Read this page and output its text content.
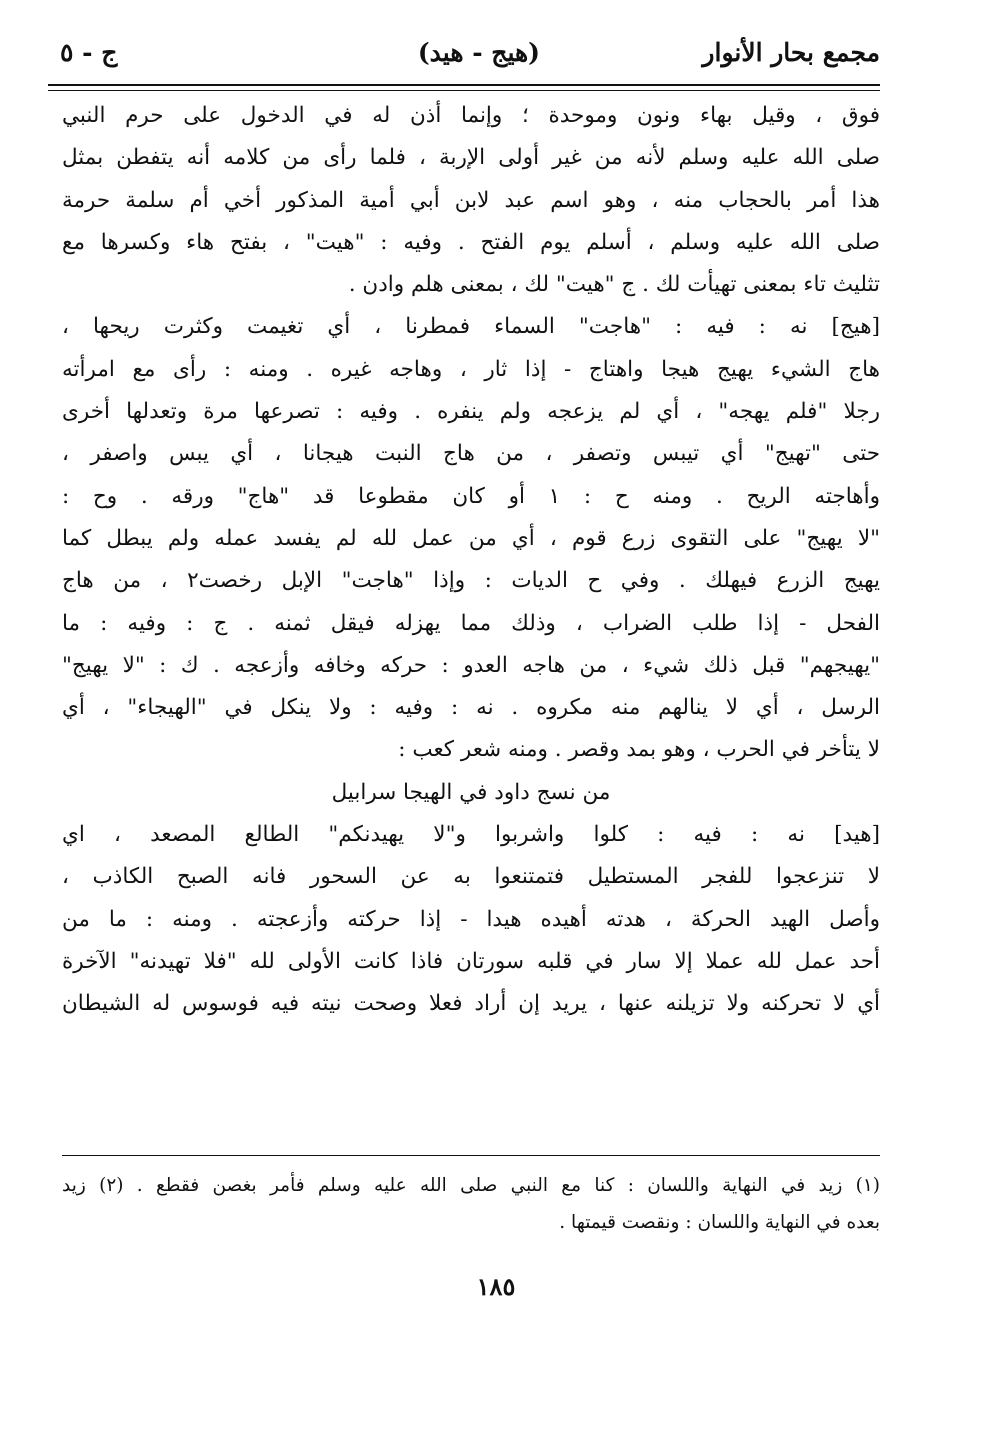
مجمع بحار الأنوار
(هيج - هيد)
ج - ٥
فوق ، وقيل بهاء ونون وموحدة ؛ وإنما أذن له في الدخول على حرم النبي
صلى الله عليه وسلم لأنه من غير أولى الإربة ، فلما رأى من كلامه أنه يتفطن بمثل
هذا أمر بالحجاب منه ، وهو اسم عبد لابن أبي أمية المذكور أخي أم سلمة حرمة
صلى الله عليه وسلم ، أسلم يوم الفتح . وفيه : "هيت" ، بفتح هاء وكسرها مع
تثليث تاء بمعنى تهيأت لك . ج "هيت" لك ، بمعنى هلم وادن .
[هيج] نه : فيه : "هاجت" السماء فمطرنا ، أي تغيمت وكثرت ريحها ،
هاج الشيء يهيج هيجا واهتاج - إذا ثار ، وهاجه غيره . ومنه : رأى مع امرأته
رجلا "فلم يهجه" ، أي لم يزعجه ولم ينفره . وفيه : تصرعها مرة وتعدلها أخرى
حتى "تهيج" أي تيبس وتصفر ، من هاج النبت هيجانا ، أي يبس واصفر ،
وأهاجته الريح . ومنه ح : ١ أو كان مقطوعا قد "هاج" ورقه . وح :
"لا يهيج" على التقوى زرع قوم ، أي من عمل لله لم يفسد عمله ولم يبطل كما
يهيج الزرع فيهلك . وفي ح الديات : وإذا "هاجت" الإبل رخصت٢ ، من هاج
الفحل - إذا طلب الضراب ، وذلك مما يهزله فيقل ثمنه . ج : وفيه : ما
"يهيجهم" قبل ذلك شيء ، من هاجه العدو : حركه وخافه وأزعجه . ك : "لا يهيج"
الرسل ، أي لا ينالهم منه مكروه . نه : وفيه : ولا ينكل في "الهيجاء" ، أي
لا يتأخر في الحرب ، وهو بمد وقصر . ومنه شعر كعب :
من نسج داود في الهيجا سرابيل
[هيد] نه : فيه : كلوا واشربوا و"لا يهيدنكم" الطالع المصعد ، اي
لا تنزعجوا للفجر المستطيل فتمتنعوا به عن السحور فانه الصبح الكاذب ،
وأصل الهيد الحركة ، هدته أهيده هيدا - إذا حركته وأزعجته . ومنه : ما من
أحد عمل لله عملا إلا سار في قلبه سورتان فاذا كانت الأولى لله "فلا تهيدنه" الآخرة
أي لا تحركنه ولا تزيلنه عنها ، يريد إن أراد فعلا وصحت نيته فيه فوسوس له الشيطان
(١) زيد في النهاية واللسان : كنا مع النبي صلى الله عليه وسلم فأمر بغصن فقطع . (٢) زيد
بعده في النهاية واللسان : ونقصت قيمتها .
١٨٥
